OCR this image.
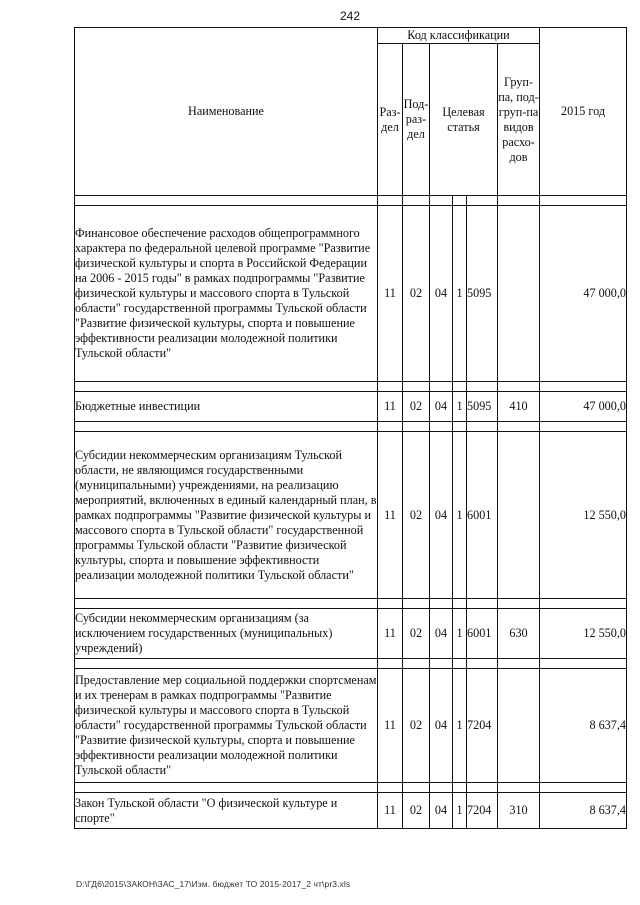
242
Наименование	Код классификации						2015 год
	Раз-дел	Под-раз-дел	Целевая статья			Груп-па, под-груп-па видов расхо-дов	

Финансовое обеспечение расходов общепрограммного характера по федеральной целевой программе "Развитие физической культуры и спорта в Российской Федерации на 2006 - 2015 годы" в рамках подпрограммы "Развитие физической культуры и массового спорта в Тульской области" государственной программы Тульской области "Развитие физической культуры, спорта и повышение эффективности реализации молодежной политики Тульской области"	11	02	04	1	5095		47 000,0

Бюджетные инвестиции	11	02	04	1	5095	410	47 000,0

Субсидии некоммерческим организациям Тульской области, не являющимся государственными (муниципальными) учреждениями, на реализацию мероприятий, включенных в единый календарный план, в рамках подпрограммы "Развитие физической культуры и массового спорта в Тульской области" государственной программы Тульской области "Развитие физической культуры, спорта и повышение эффективности реализации молодежной политики Тульской области"	11	02	04	1	6001		12 550,0

Субсидии некоммерческим организациям (за исключением государственных (муниципальных) учреждений)	11	02	04	1	6001	630	12 550,0

Предоставление мер социальной поддержки спортсменам и их тренерам в рамках подпрограммы "Развитие физической культуры и массового спорта в Тульской области" государственной программы Тульской области "Развитие физической культуры, спорта и повышение эффективности реализации молодежной политики Тульской области"	11	02	04	1	7204		8 637,4

Закон Тульской области "О физической культуре и спорте"	11	02	04	1	7204	310	8 637,4
D:\ГД6\2015\ЗАКОН\ЗАС_17\Изм. бюджет ТО 2015-2017_2 чт\pr3.xls
